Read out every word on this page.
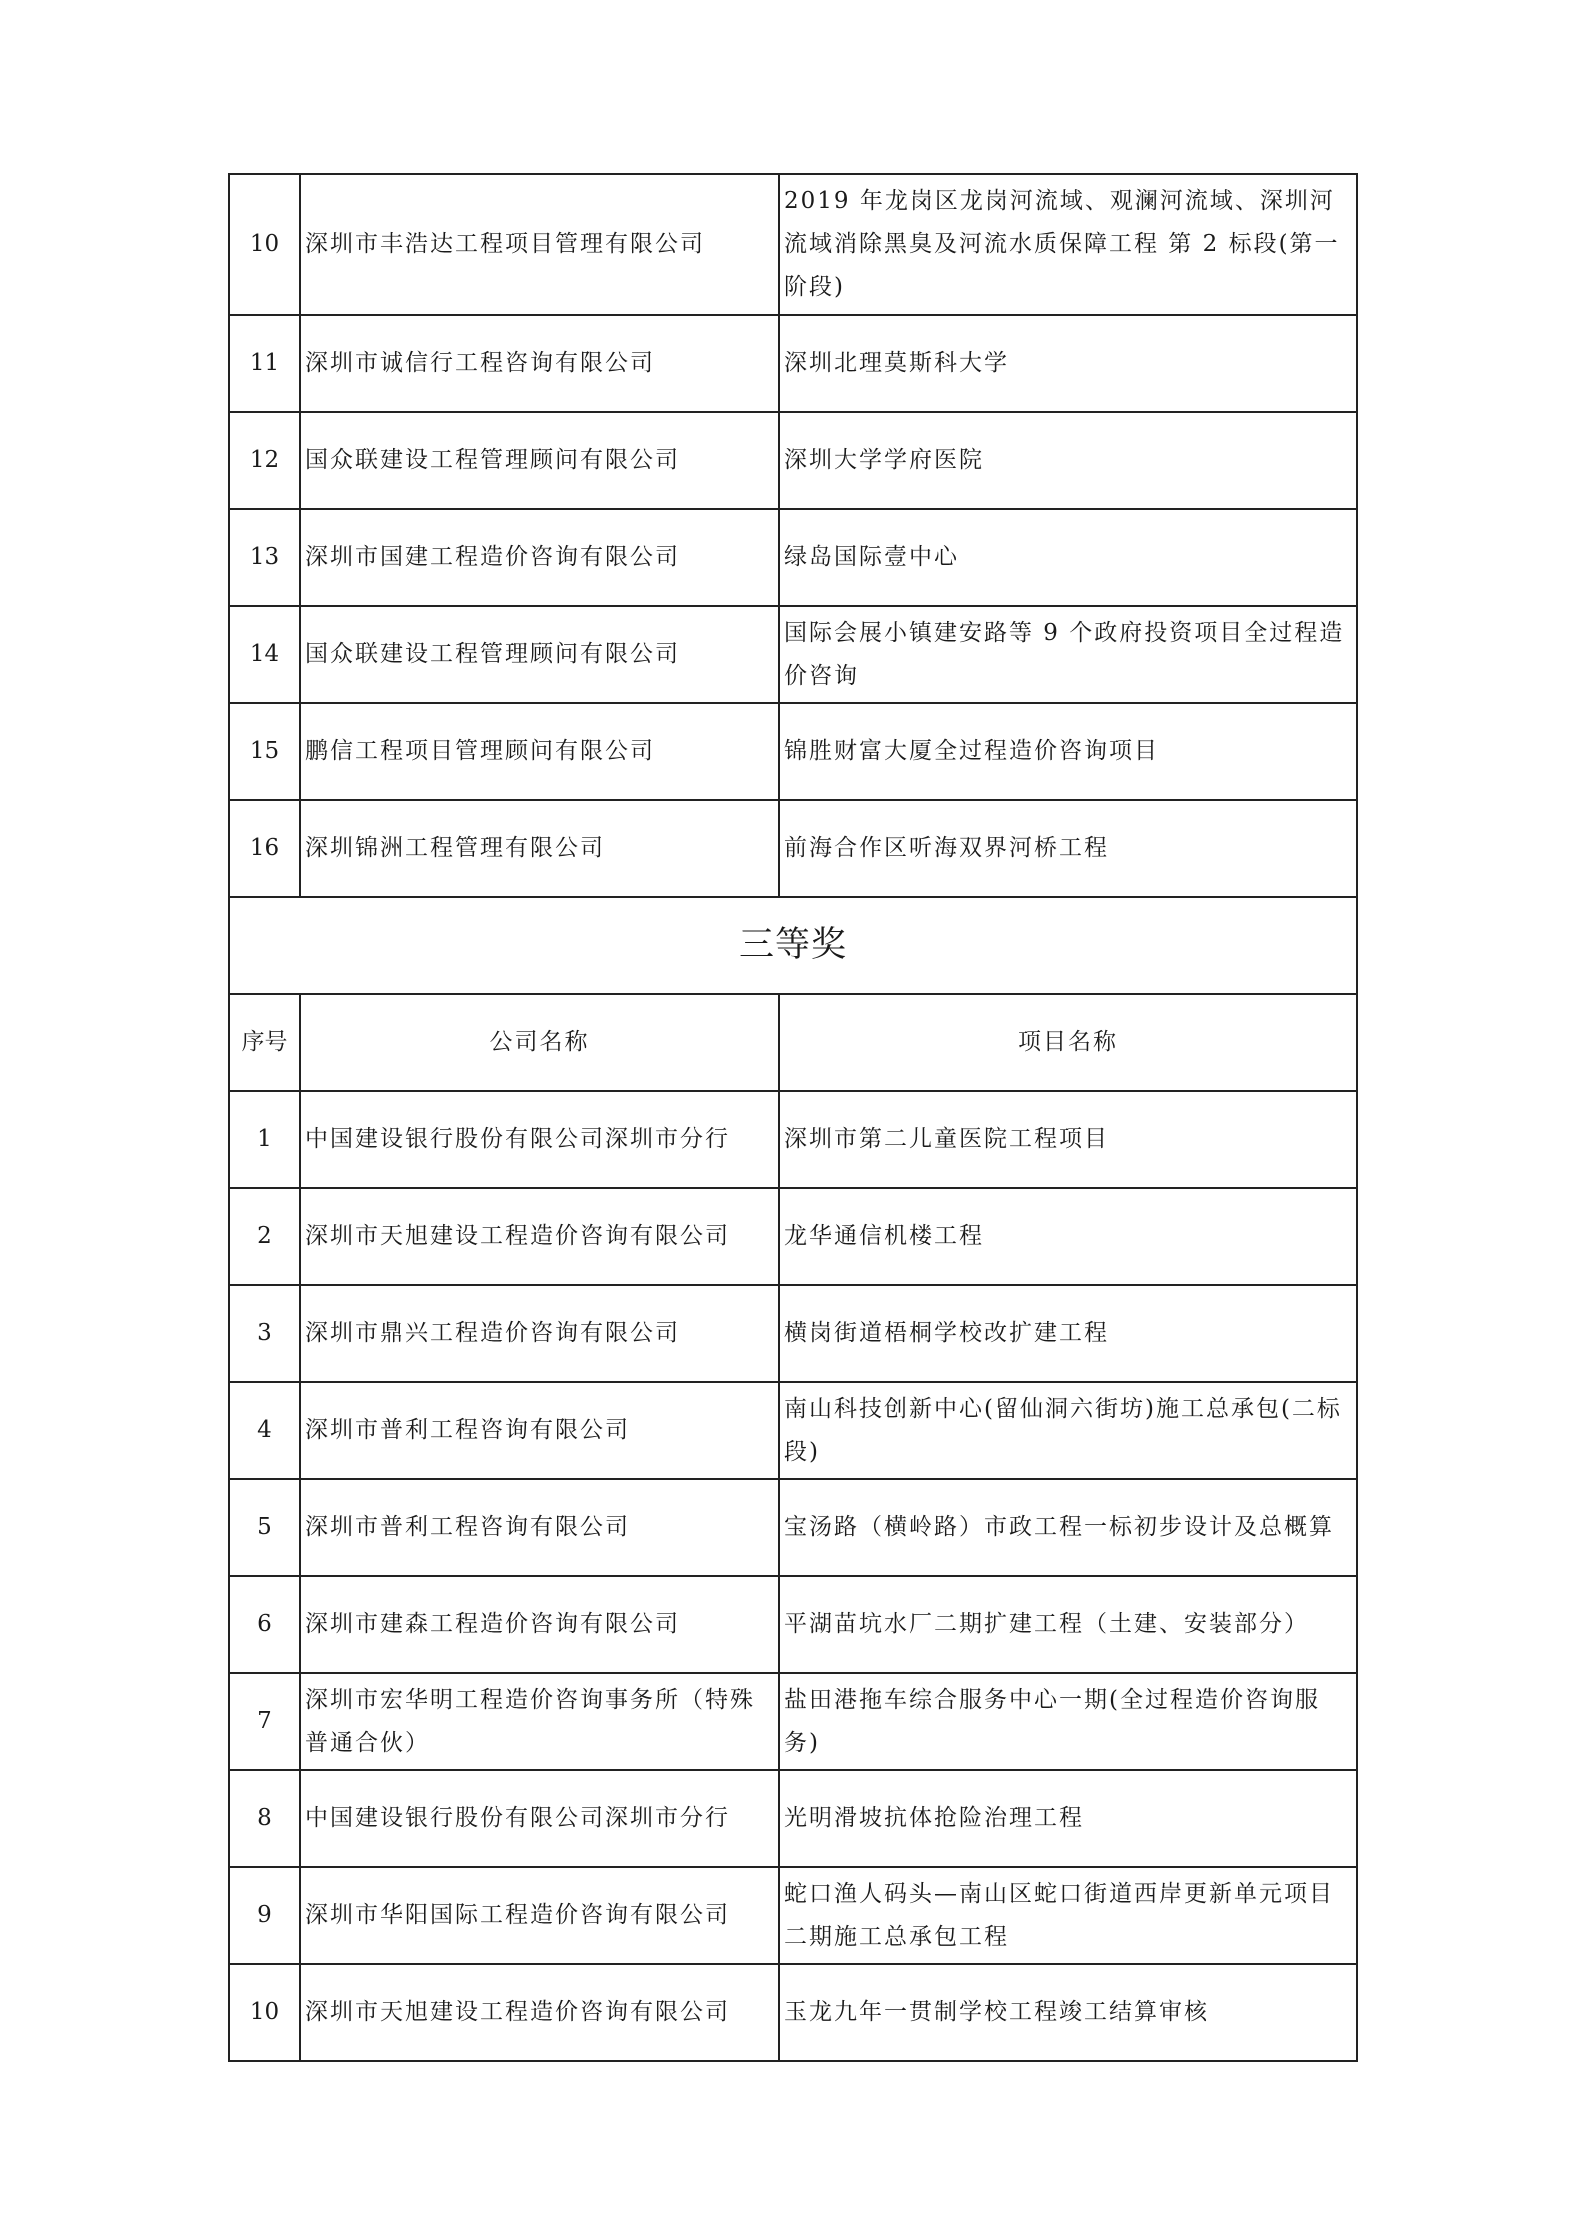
10	深圳市丰浩达工程项目管理有限公司	2019 年龙岗区龙岗河流域、观澜河流域、深圳河流域消除黑臭及河流水质保障工程 第 2 标段(第一阶段)
11	深圳市诚信行工程咨询有限公司	深圳北理莫斯科大学
12	国众联建设工程管理顾问有限公司	深圳大学学府医院
13	深圳市国建工程造价咨询有限公司	绿岛国际壹中心
14	国众联建设工程管理顾问有限公司	国际会展小镇建安路等 9 个政府投资项目全过程造价咨询
15	鹏信工程项目管理顾问有限公司	锦胜财富大厦全过程造价咨询项目
16	深圳锦洲工程管理有限公司	前海合作区听海双界河桥工程
三等奖		
序号	公司名称	项目名称
1	中国建设银行股份有限公司深圳市分行	深圳市第二儿童医院工程项目
2	深圳市天旭建设工程造价咨询有限公司	龙华通信机楼工程
3	深圳市鼎兴工程造价咨询有限公司	横岗街道梧桐学校改扩建工程
4	深圳市普利工程咨询有限公司	南山科技创新中心(留仙洞六街坊)施工总承包(二标段)
5	深圳市普利工程咨询有限公司	宝汤路（横岭路）市政工程一标初步设计及总概算
6	深圳市建森工程造价咨询有限公司	平湖苗坑水厂二期扩建工程（土建、安装部分）
7	深圳市宏华明工程造价咨询事务所（特殊普通合伙）	盐田港拖车综合服务中心一期(全过程造价咨询服务)
8	中国建设银行股份有限公司深圳市分行	光明滑坡抗体抢险治理工程
9	深圳市华阳国际工程造价咨询有限公司	蛇口渔人码头—南山区蛇口街道西岸更新单元项目二期施工总承包工程
10	深圳市天旭建设工程造价咨询有限公司	玉龙九年一贯制学校工程竣工结算审核
